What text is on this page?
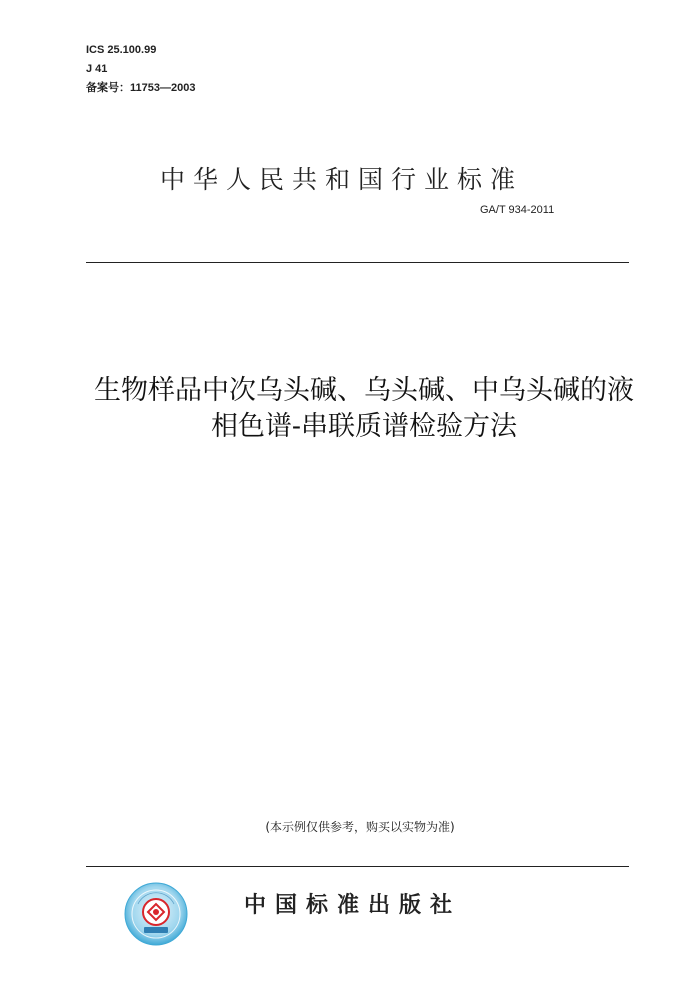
ICS 25.100.99
J 41
备案号：11753—2003
中华人民共和国行业标准
GA/T 934-2011
生物样品中次乌头碱、乌头碱、中乌头碱的液
相色谱-串联质谱检验方法
(本示例仅供参考，购买以实物为准)
中国标准出版社
